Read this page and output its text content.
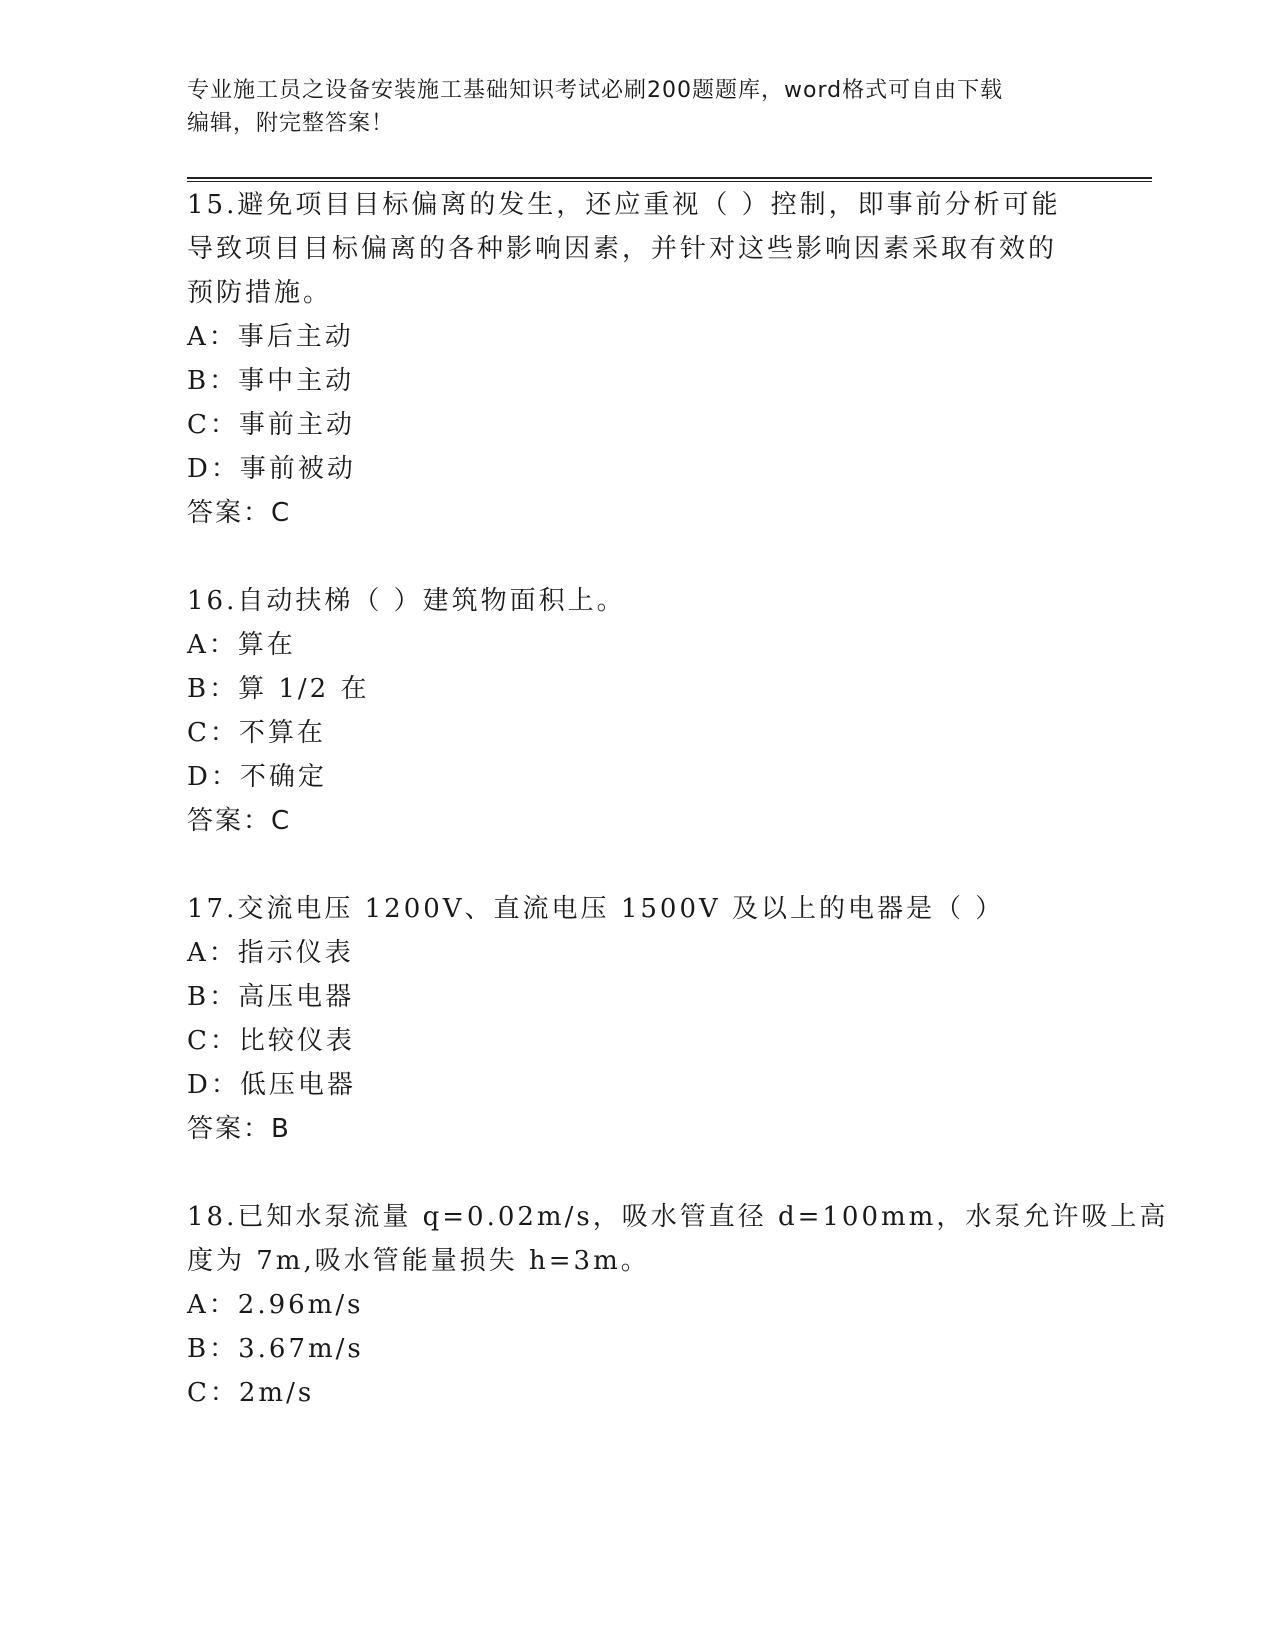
专业施工员之设备安装施工基础知识考试必刷200题题库，word格式可自由下载
编辑，附完整答案！
15.避免项目目标偏离的发生，还应重视（ ）控制，即事前分析可能
导致项目目标偏离的各种影响因素，并针对这些影响因素采取有效的
预防措施。
A：事后主动
B：事中主动
C：事前主动
D：事前被动
答案：C
16.自动扶梯（ ）建筑物面积上。
A：算在
B：算 1/2 在
C：不算在
D：不确定
答案：C
17.交流电压 1200V、直流电压 1500V 及以上的电器是（ ）
A：指示仪表
B：高压电器
C：比较仪表
D：低压电器
答案：B
18.已知水泵流量 q=0.02m/s，吸水管直径 d=100mm，水泵允许吸上高
度为 7m,吸水管能量损失 h=3m。
A：2.96m/s
B：3.67m/s
C：2m/s
